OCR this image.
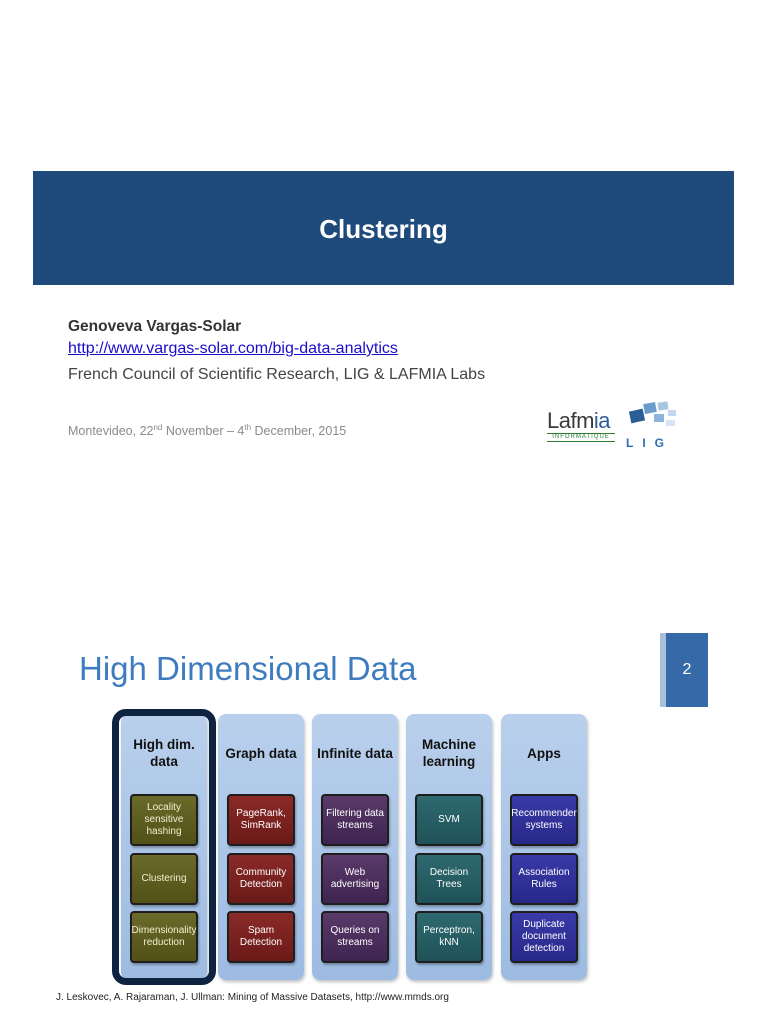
Clustering
Genoveva Vargas-Solar
http://www.vargas-solar.com/big-data-analytics
French Council of Scientific Research, LIG & LAFMIA Labs
Montevideo, 22nd November – 4th December, 2015	Lafmia
INFORMATIQUE	LIG
2
High Dimensional Data
High dim. data
Locality sensitive hashing
Clustering
Dimensionality reduction
Graph data
PageRank, SimRank
Community Detection
Spam Detection
Infinite data
Filtering data streams
Web advertising
Queries on streams
Machine learning
SVM
Decision Trees
Perceptron, kNN
Apps
Recommender systems
Association Rules
Duplicate document detection
J. Leskovec, A. Rajaraman, J. Ullman: Mining of Massive Datasets, http://www.mmds.org
